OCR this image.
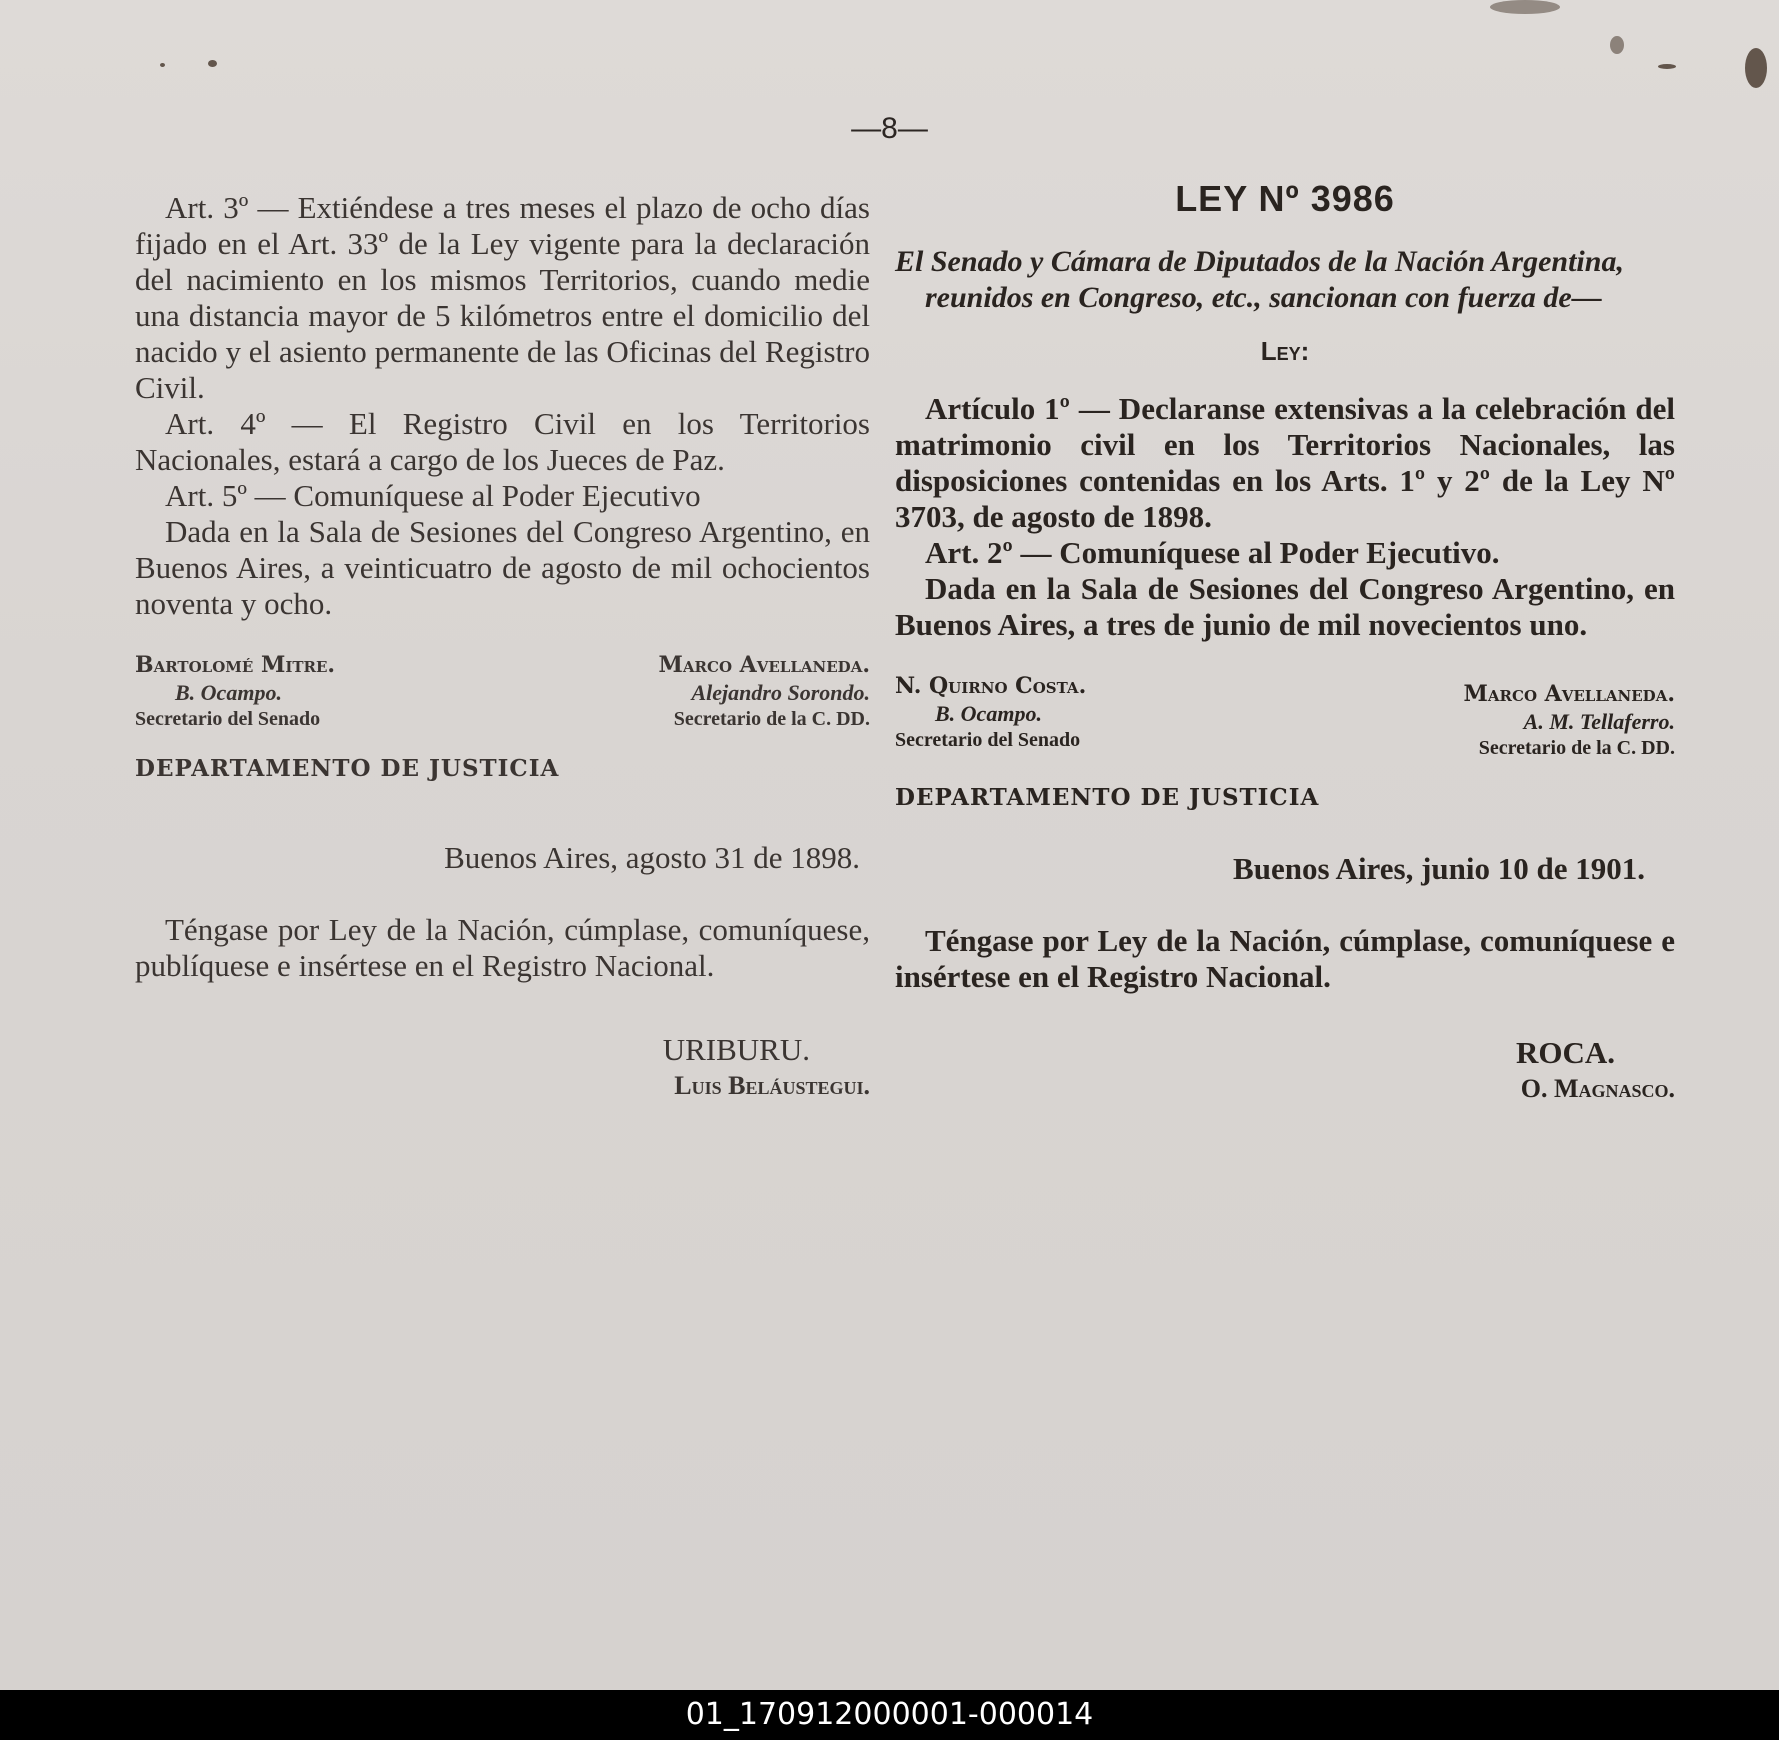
—8—

Art. 3º — Extiéndese a tres meses el plazo de ocho días fijado en el Art. 33º de la Ley vigente para la declaración del nacimiento en los mismos Territorios, cuando medie una distancia mayor de 5 kilómetros entre el domicilio del nacido y el asiento permanente de las Oficinas del Registro Civil.

Art. 4º — El Registro Civil en los Territorios Nacionales, estará a cargo de los Jueces de Paz.

Art. 5º — Comuníquese al Poder Ejecutivo

Dada en la Sala de Sesiones del Congreso Argentino, en Buenos Aires, a veinticuatro de agosto de mil ochocientos noventa y ocho.

Bartolomé Mitre.
B. Ocampo.
Secretario del Senado
Marco Avellaneda.
Alejandro Sorondo.
Secretario de la C. DD.
DEPARTAMENTO DE JUSTICIA
Buenos Aires, agosto 31 de 1898.

Téngase por Ley de la Nación, cúmplase, comuníquese, publíquese e insértese en el Registro Nacional.

URIBURU.
Luis Beláustegui.
LEY Nº 3986

El Senado y Cámara de Diputados de la Nación Argentina, reunidos en Congreso, etc., sancionan con fuerza de—

Ley:

Artículo 1º — Declaranse extensivas a la celebración del matrimonio civil en los Territorios Nacionales, las disposiciones contenidas en los Arts. 1º y 2º de la Ley Nº 3703, de agosto de 1898.

Art. 2º — Comuníquese al Poder Ejecutivo.

Dada en la Sala de Sesiones del Congreso Argentino, en Buenos Aires, a tres de junio de mil novecientos uno.

N. Quirno Costa.
B. Ocampo.
Secretario del Senado
Marco Avellaneda.
A. M. Tellaferro.
Secretario de la C. DD.
DEPARTAMENTO DE JUSTICIA
Buenos Aires, junio 10 de 1901.

Téngase por Ley de la Nación, cúmplase, comuníquese e insértese en el Registro Nacional.

ROCA.
O. Magnasco.
01_170912000001-000014
